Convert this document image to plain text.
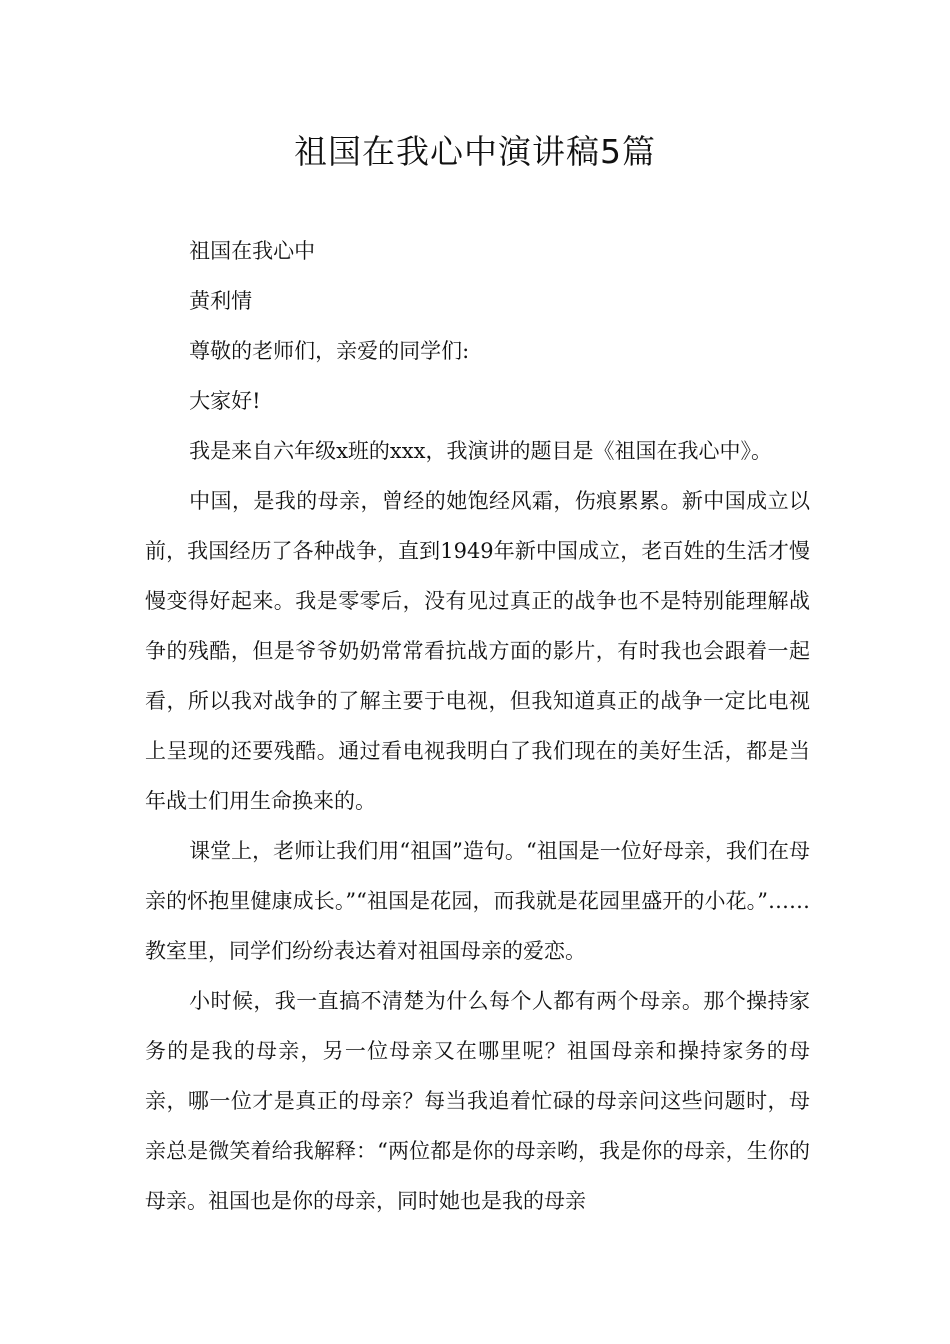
祖国在我心中演讲稿5篇

祖国在我心中

黄利情

尊敬的老师们，亲爱的同学们:

大家好!

我是来自六年级x班的xxx，我演讲的题目是《祖国在我心中》。

中国，是我的母亲，曾经的她饱经风霜，伤痕累累。新中国成立以前，我国经历了各种战争，直到1949年新中国成立，老百姓的生活才慢慢变得好起来。我是零零后，没有见过真正的战争也不是特别能理解战争的残酷，但是爷爷奶奶常常看抗战方面的影片，有时我也会跟着一起看，所以我对战争的了解主要于电视，但我知道真正的战争一定比电视上呈现的还要残酷。通过看电视我明白了我们现在的美好生活，都是当年战士们用生命换来的。

课堂上，老师让我们用“祖国”造句。“祖国是一位好母亲，我们在母亲的怀抱里健康成长。”“祖国是花园，而我就是花园里盛开的小花。”……教室里，同学们纷纷表达着对祖国母亲的爱恋。

小时候，我一直搞不清楚为什么每个人都有两个母亲。那个操持家务的是我的母亲，另一位母亲又在哪里呢？祖国母亲和操持家务的母亲，哪一位才是真正的母亲？每当我追着忙碌的母亲问这些问题时，母亲总是微笑着给我解释：“两位都是你的母亲哟，我是你的母亲，生你的母亲。祖国也是你的母亲，同时她也是我的母亲
